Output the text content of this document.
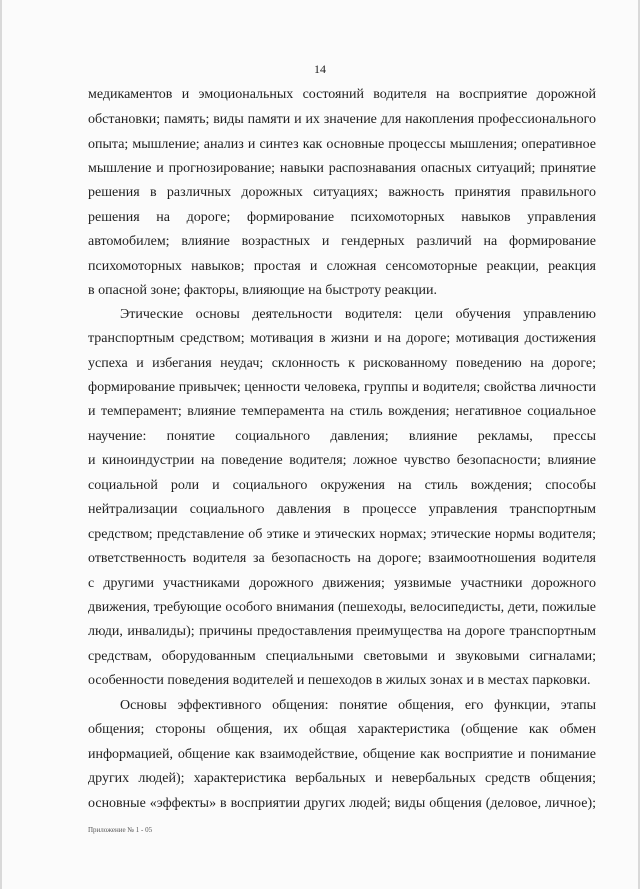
14
медикаментов и эмоциональных состояний водителя на восприятие дорожной
обстановки; память; виды памяти и их значение для накопления профессионального
опыта; мышление; анализ и синтез как основные процессы мышления; оперативное
мышление и прогнозирование; навыки распознавания опасных ситуаций; принятие
решения в различных дорожных ситуациях; важность принятия правильного
решения на дороге; формирование психомоторных навыков управления
автомобилем; влияние возрастных и гендерных различий на формирование
психомоторных навыков; простая и сложная сенсомоторные реакции, реакция
в опасной зоне; факторы, влияющие на быстроту реакции.
Этические основы деятельности водителя: цели обучения управлению
транспортным средством; мотивация в жизни и на дороге; мотивация достижения
успеха и избегания неудач; склонность к рискованному поведению на дороге;
формирование привычек; ценности человека, группы и водителя; свойства личности
и темперамент; влияние темперамента на стиль вождения; негативное социальное
научение: понятие социального давления; влияние рекламы, прессы
и киноиндустрии на поведение водителя; ложное чувство безопасности; влияние
социальной роли и социального окружения на стиль вождения; способы
нейтрализации социального давления в процессе управления транспортным
средством; представление об этике и этических нормах; этические нормы водителя;
ответственность водителя за безопасность на дороге; взаимоотношения водителя
с другими участниками дорожного движения; уязвимые участники дорожного
движения, требующие особого внимания (пешеходы, велосипедисты, дети, пожилые
люди, инвалиды); причины предоставления преимущества на дороге транспортным
средствам, оборудованным специальными световыми и звуковыми сигналами;
особенности поведения водителей и пешеходов в жилых зонах и в местах парковки.
Основы эффективного общения: понятие общения, его функции, этапы
общения; стороны общения, их общая характеристика (общение как обмен
информацией, общение как взаимодействие, общение как восприятие и понимание
других людей); характеристика вербальных и невербальных средств общения;
основные «эффекты» в восприятии других людей; виды общения (деловое, личное);
Приложение № 1 - 05
